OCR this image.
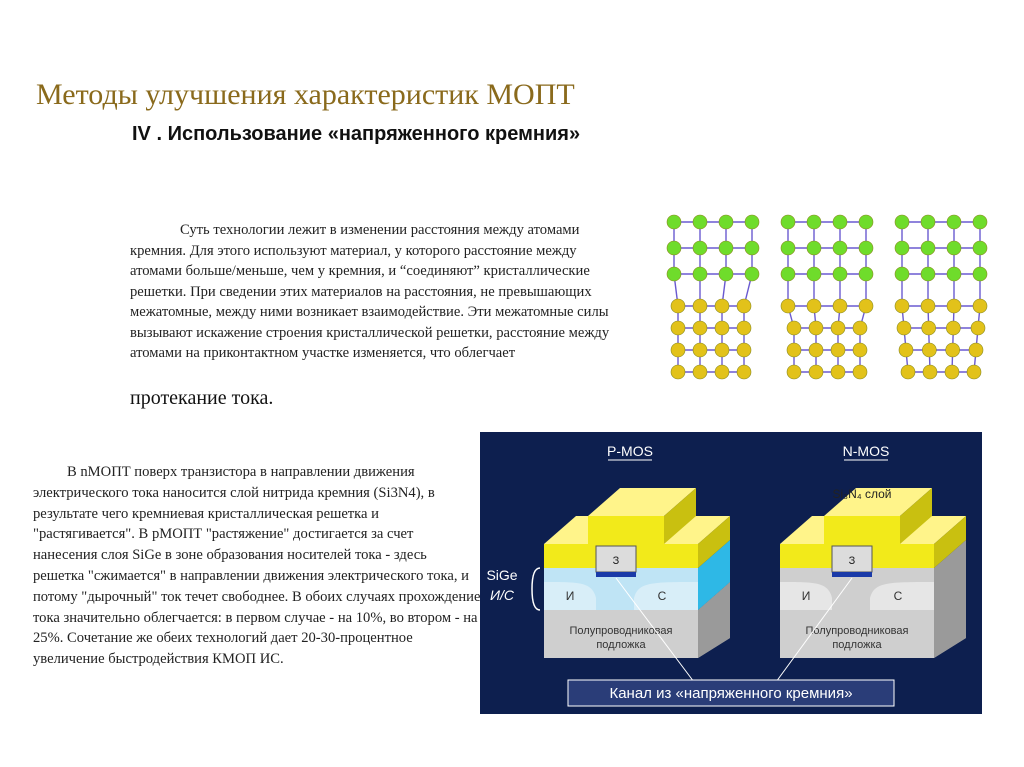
Методы улучшения характеристик МОПТ
IV . Использование «напряженного кремния»

Суть технологии лежит в изменении расстояния между атомами кремния. Для этого используют материал, у которого расстояние между атомами больше/меньше, чем у кремния, и “соединяют” кристаллические решетки. При сведении этих материалов на расстояния, не превышающих межатомные, между ними возникает взаимодействие. Эти межатомные силы вызывают искажение строения кристаллической решетки, расстояние между атомами на приконтактном участке изменяется, что облегчает

протекание тока.

В nМОПТ поверх транзистора в направлении движения электрического тока наносится слой нитрида кремния (Si3N4), в результате чего кремниевая кристаллическая решетка и "растягивается". В pМОПТ "растяжение" достигается за счет нанесения слоя SiGe в зоне образования носителей тока - здесь решетка "сжимается" в направлении движения электрического тока, и потому "дырочный" ток течет свободнее. В обоих случаях прохождение тока значительно облегчается: в первом случае - на 10%, во втором - на 25%. Сочетание же обеих технологий дает 20-30-процентное увеличение быстродействия КМОП ИС.

P-MOS	N-MOS
З
И	С
Полупроводниковая
подложка
SiGe
И/С
Si₃N₄ слой
З
И	С
Полупроводниковая
подложка
Канал из «напряженного кремния»
